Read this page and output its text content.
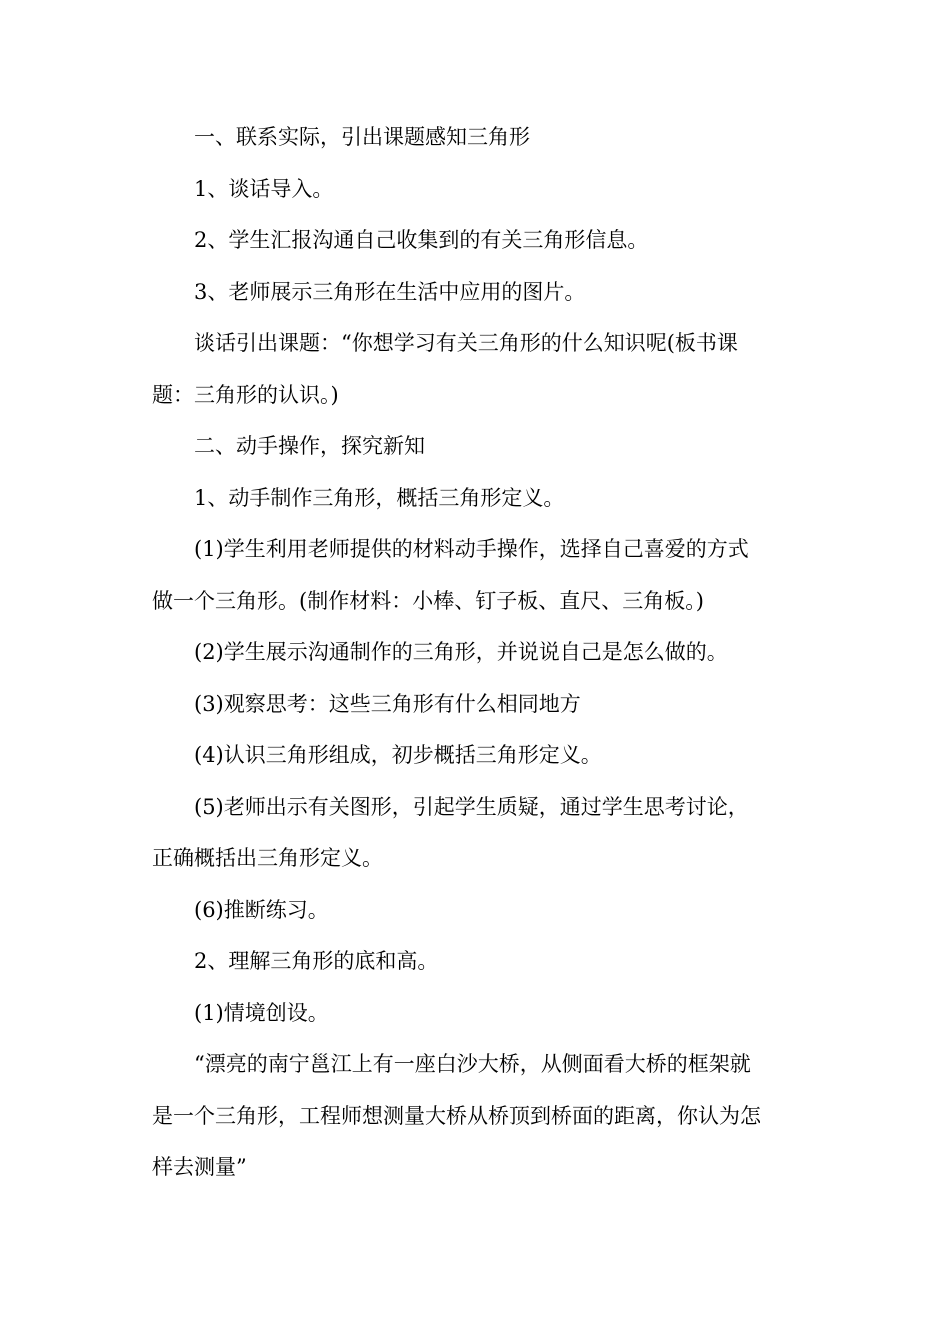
一、联系实际，引出课题感知三角形

1、谈话导入。

2、学生汇报沟通自己收集到的有关三角形信息。

3、老师展示三角形在生活中应用的图片。

谈话引出课题：“你想学习有关三角形的什么知识呢(板书课

题：三角形的认识。)

二、动手操作，探究新知

1、动手制作三角形，概括三角形定义。

(1)学生利用老师提供的材料动手操作，选择自己喜爱的方式

做一个三角形。(制作材料：小棒、钉子板、直尺、三角板。)

(2)学生展示沟通制作的三角形，并说说自己是怎么做的。

(3)观察思考：这些三角形有什么相同地方

(4)认识三角形组成，初步概括三角形定义。

(5)老师出示有关图形，引起学生质疑，通过学生思考讨论，

正确概括出三角形定义。

(6)推断练习。

2、理解三角形的底和高。

(1)情境创设。

“漂亮的南宁邕江上有一座白沙大桥，从侧面看大桥的框架就

是一个三角形，工程师想测量大桥从桥顶到桥面的距离，你认为怎

样去测量”
